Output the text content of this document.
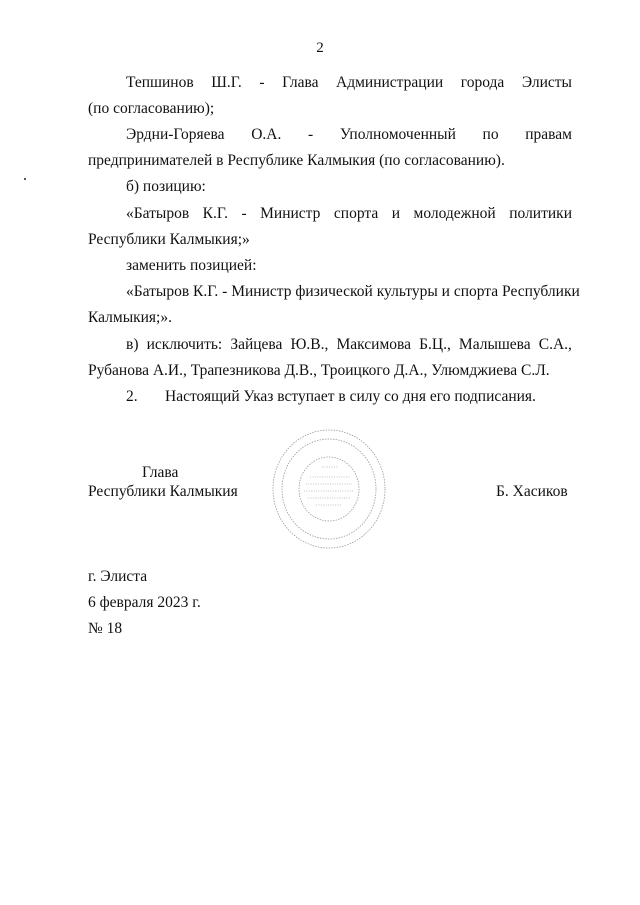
2
Тепшинов Ш.Г. - Глава Администрации города Элисты
(по согласованию);
Эрдни-Горяева О.А. - Уполномоченный по правам
предпринимателей в Республике Калмыкия (по согласованию).
б) позицию:
«Батыров К.Г. - Министр спорта и молодежной политики
Республики Калмыкия;»
заменить позицией:
«Батыров К.Г. - Министр физической культуры и спорта Республики
Калмыкия;».
в) исключить: Зайцева Ю.В., Максимова Б.Ц., Малышева С.А.,
Рубанова А.И., Трапезникова Д.В., Троицкого Д.А., Улюмджиева С.Л.
2. Настоящий Указ вступает в силу со дня его подписания.
Глава
Республики Калмыкия	Б. Хасиков
г. Элиста
6 февраля 2023 г.
№ 18
